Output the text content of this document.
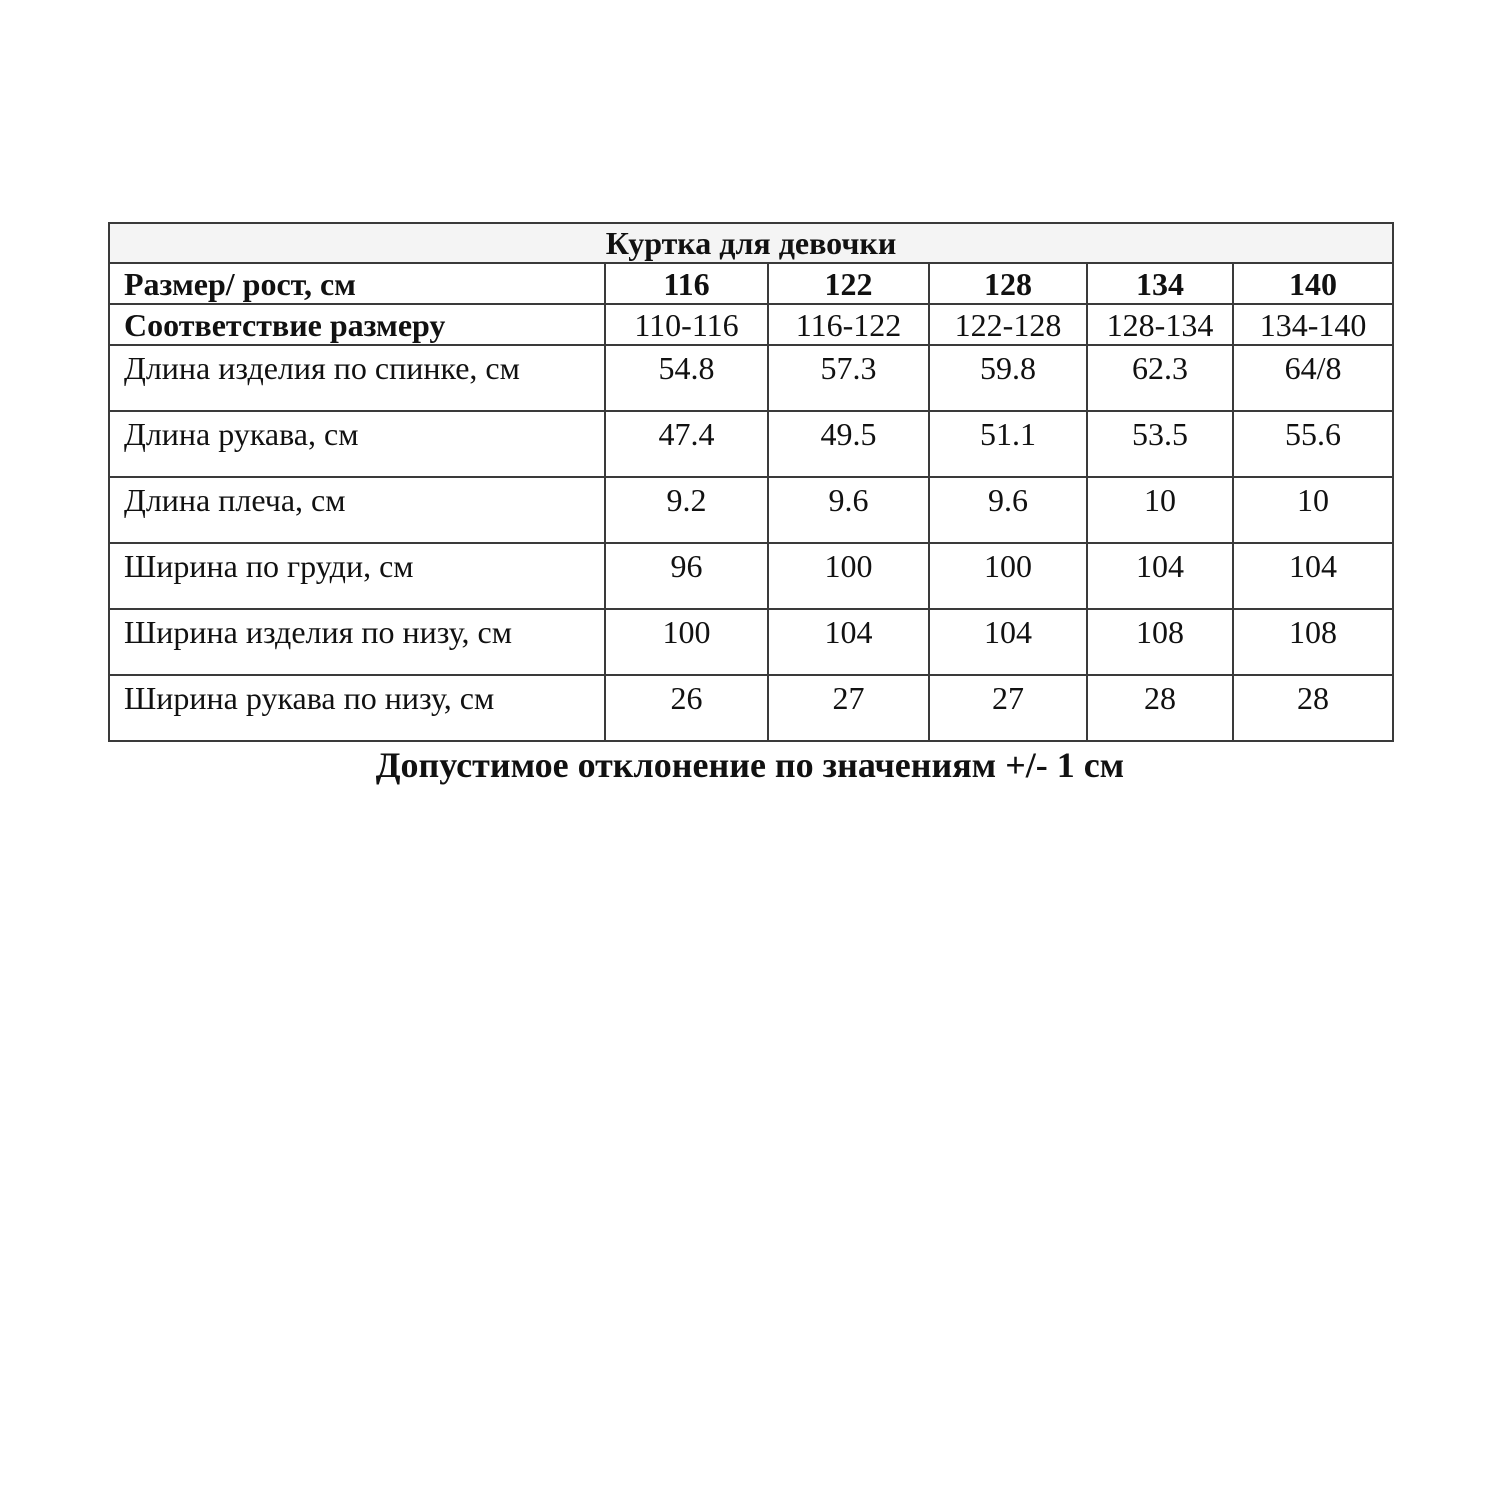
Куртка для девочки					
Размер/ рост, см	116	122	128	134	140
Соответствие размеру	110-116	116-122	122-128	128-134	134-140
Длина изделия по спинке, см	54.8	57.3	59.8	62.3	64/8
Длина рукава, см	47.4	49.5	51.1	53.5	55.6
Длина плеча, см	9.2	9.6	9.6	10	10
Ширина по груди, см	96	100	100	104	104
Ширина изделия по низу, см	100	104	104	108	108
Ширина рукава по низу, см	26	27	27	28	28
Допустимое отклонение по значениям +/- 1 см
